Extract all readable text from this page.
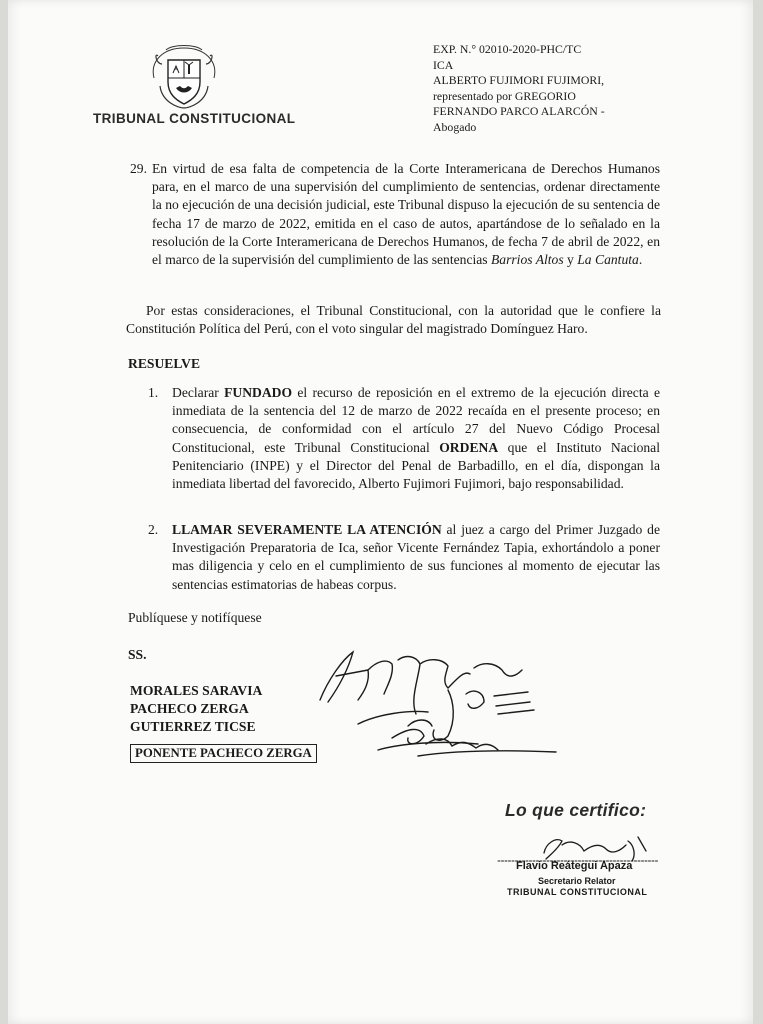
TRIBUNAL CONSTITUCIONAL
EXP. N.° 02010-2020-PHC/TC
ICA
ALBERTO FUJIMORI FUJIMORI,
representado por GREGORIO
FERNANDO PARCO ALARCÓN -
Abogado
29. En virtud de esa falta de competencia de la Corte Interamericana de Derechos Humanos para, en el marco de una supervisión del cumplimiento de sentencias, ordenar directamente la no ejecución de una decisión judicial, este Tribunal dispuso la ejecución de su sentencia de fecha 17 de marzo de 2022, emitida en el caso de autos, apartándose de lo señalado en la resolución de la Corte Interamericana de Derechos Humanos, de fecha 7 de abril de 2022, en el marco de la supervisión del cumplimiento de las sentencias Barrios Altos y La Cantuta.

Por estas consideraciones, el Tribunal Constitucional, con la autoridad que le confiere la Constitución Política del Perú, con el voto singular del magistrado Domínguez Haro.

RESUELVE
1. Declarar FUNDADO el recurso de reposición en el extremo de la ejecución directa e inmediata de la sentencia del 12 de marzo de 2022 recaída en el presente proceso; en consecuencia, de conformidad con el artículo 27 del Nuevo Código Procesal Constitucional, este Tribunal Constitucional ORDENA que el Instituto Nacional Penitenciario (INPE) y el Director del Penal de Barbadillo, en el día, dispongan la inmediata libertad del favorecido, Alberto Fujimori Fujimori, bajo responsabilidad.

2. LLAMAR SEVERAMENTE LA ATENCIÓN al juez a cargo del Primer Juzgado de Investigación Preparatoria de Ica, señor Vicente Fernández Tapia, exhortándolo a poner mas diligencia y celo en el cumplimiento de sus funciones al momento de ejecutar las sentencias estimatorias de habeas corpus.

Publíquese y notifíquese
SS.
MORALES SARAVIA
PACHECO ZERGA
GUTIERREZ TICSE
PONENTE PACHECO ZERGA
Lo que certifico:
Flavio Reátegui Apaza
Secretario Relator
TRIBUNAL CONSTITUCIONAL
